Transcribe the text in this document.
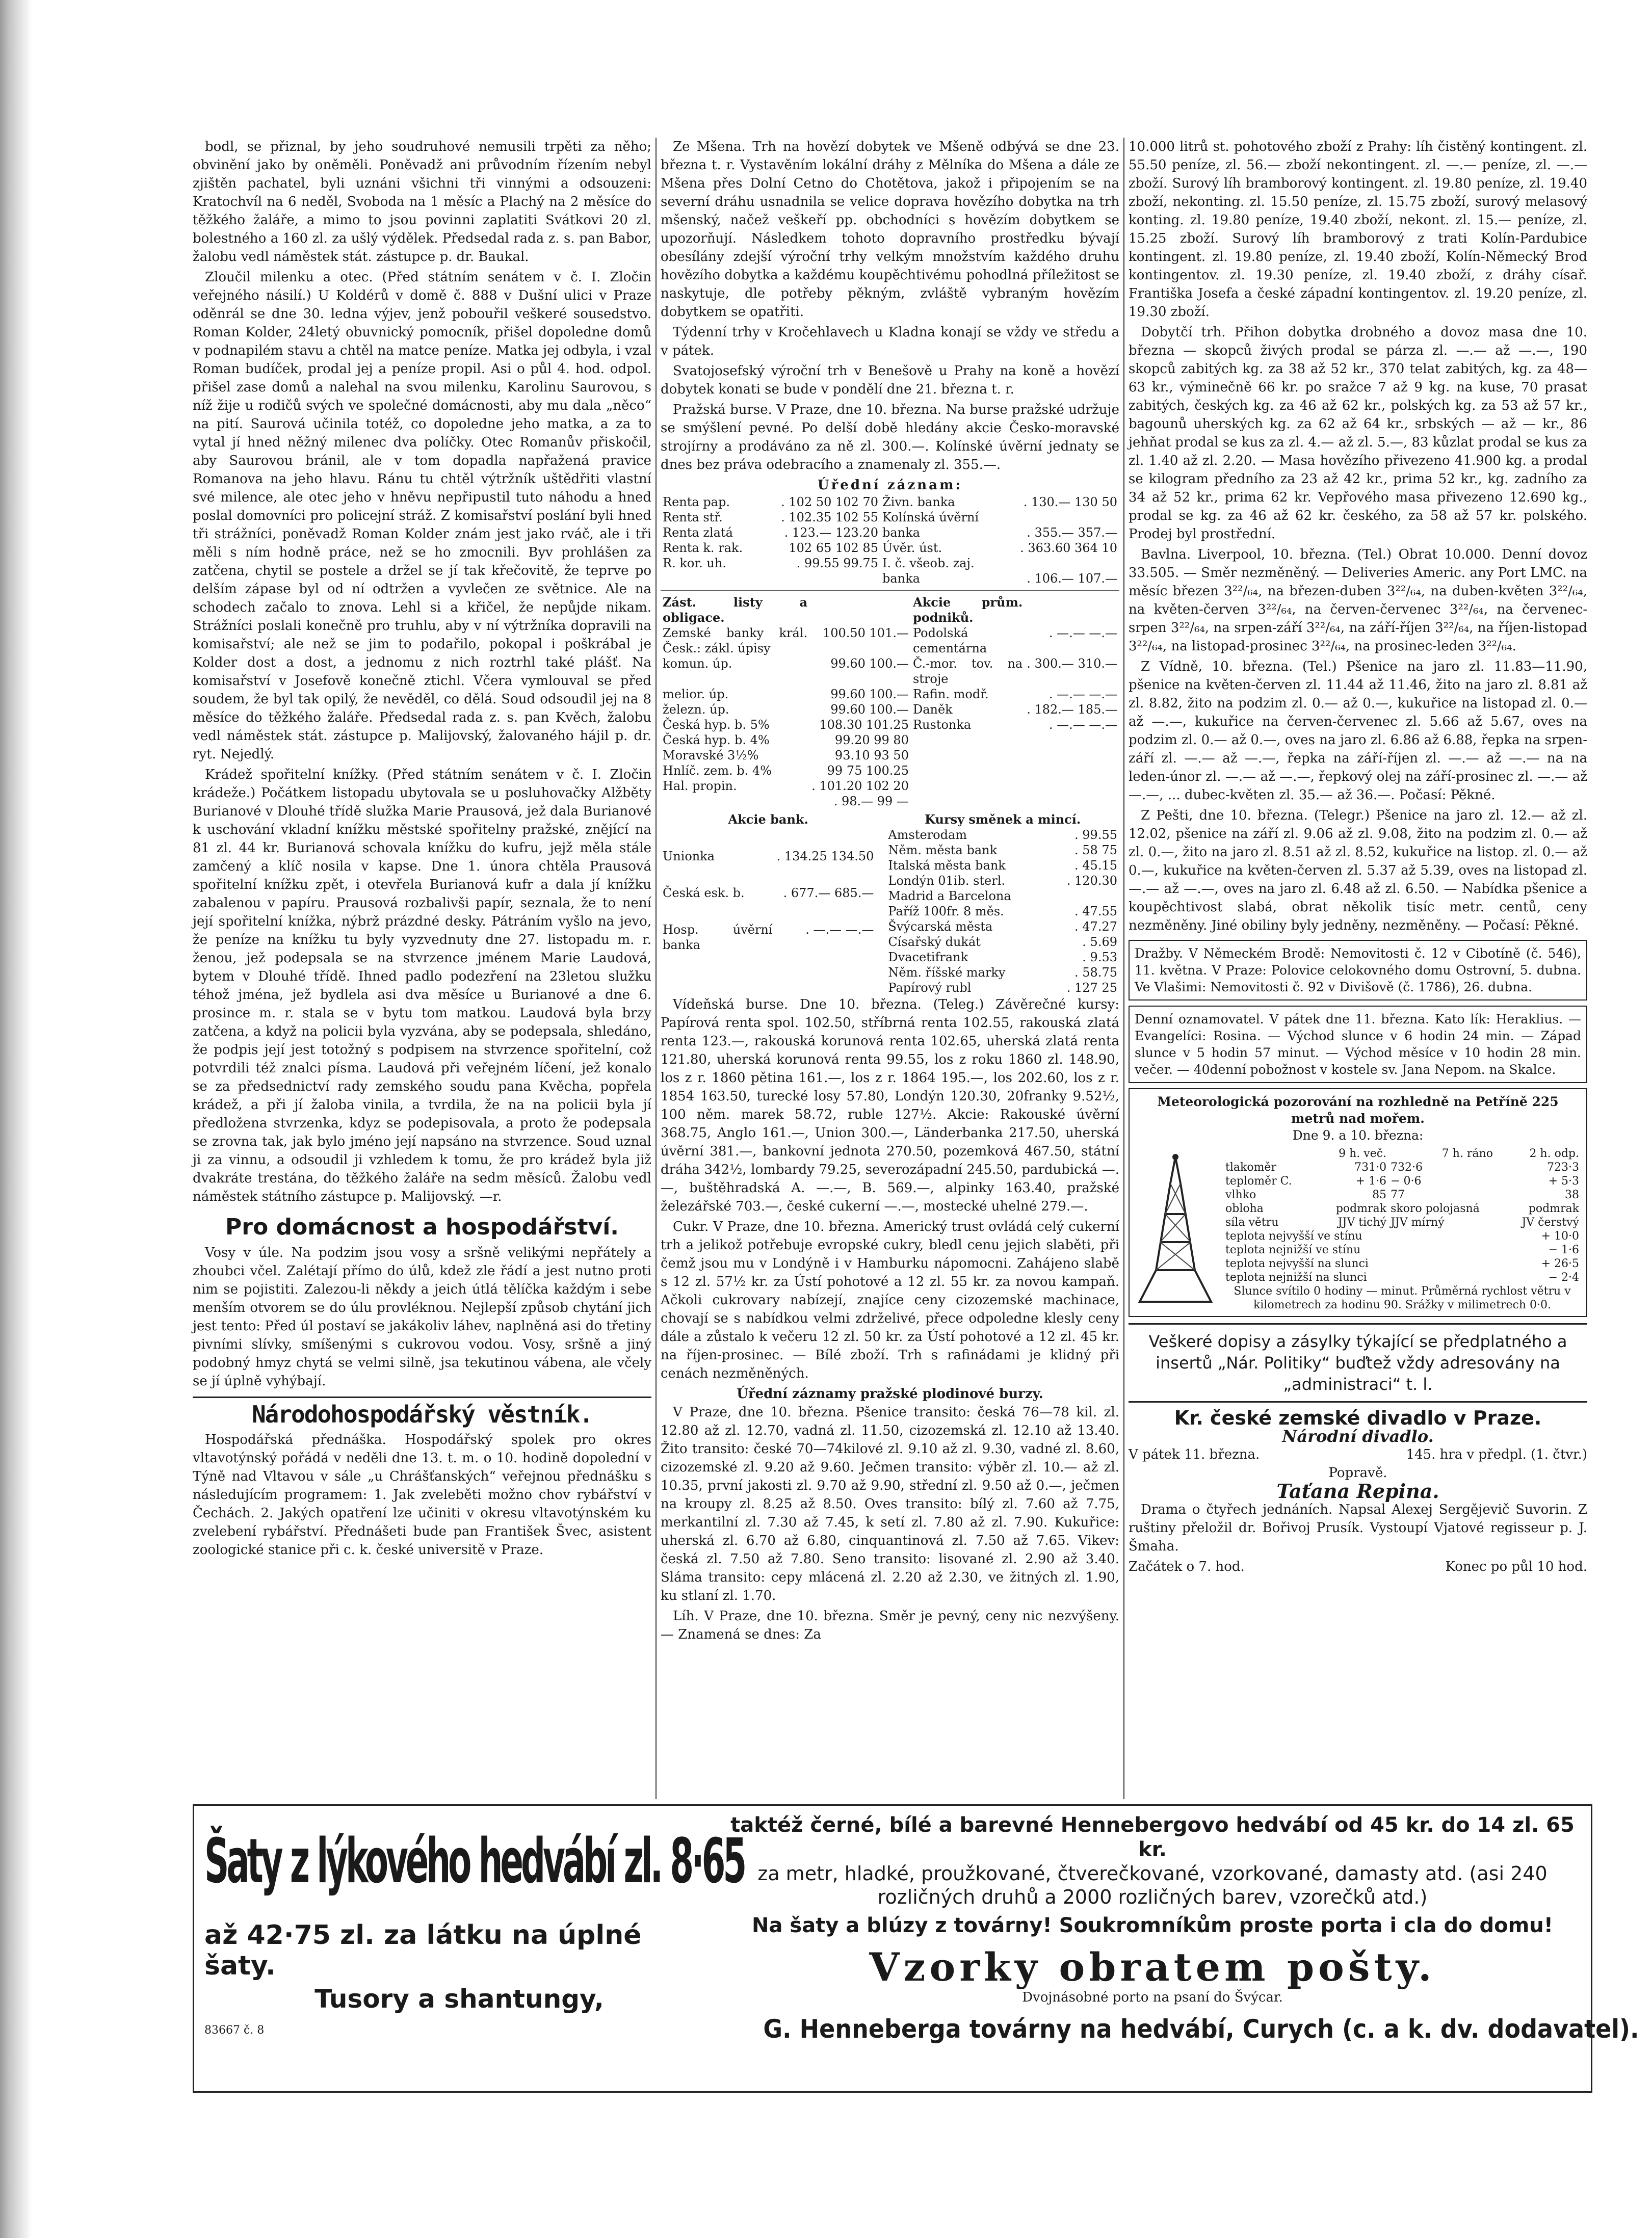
bodl, se přiznal, by jeho soudruhové nemusili trpěti za něho; obvinění jako by oněměli. Poněvadž ani průvodním řízením nebyl zjištěn pachatel, byli uznáni všichni tři vinnými a odsouzeni: Kratochvíl na 6 neděl, Svoboda na 1 měsíc a Plachý na 2 měsíce do těžkého žaláře, a mimo to jsou povinni zaplatiti Svátkovi 20 zl. bolestného a 160 zl. za ušlý výdělek. Předsedal rada z. s. pan Babor, žalobu vedl náměstek stát. zástupce p. dr. Baukal.

Zloučil milenku a otec. (Před státním senátem v č. I. Zločin veřejného násilí.) U Koldérů v domě č. 888 v Dušní ulici v Praze oděnrál se dne 30. ledna výjev, jenž pobouřil veškeré sousedstvo. Roman Kolder, 24letý obuvnický pomocník, přišel dopoledne domů v podnapilém stavu a chtěl na matce peníze. Matka jej odbyla, i vzal Roman budíček, prodal jej a peníze propil. Asi o půl 4. hod. odpol. přišel zase domů a nalehal na svou milenku, Karolinu Saurovou, s níž žije u rodičů svých ve společné domácnosti, aby mu dala „něco“ na pití. Saurová učinila totéž, co dopoledne jeho matka, a za to vytal jí hned něžný milenec dva políčky. Otec Romanův přiskočil, aby Saurovou bránil, ale v tom dopadla napřažená pravice Romanova na jeho hlavu. Ránu tu chtěl výtržník uštědřiti vlastní své milence, ale otec jeho v hněvu nepřipustil tuto náhodu a hned poslal domovníci pro policejní stráž. Z komisařství poslání byli hned tři strážníci, poněvadž Roman Kolder znám jest jako rváč, ale i tři měli s ním hodně práce, než se ho zmocnili. Byv prohlášen za zatčena, chytil se postele a držel se jí tak křečovitě, že teprve po delším zápase byl od ní odtržen a vyvlečen ze světnice. Ale na schodech začalo to znova. Lehl si a křičel, že nepůjde nikam. Strážníci poslali konečně pro truhlu, aby v ní výtržníka dopravili na komisařství; ale než se jim to podařilo, pokopal i poškrábal je Kolder dost a dost, a jednomu z nich roztrhl také plášť. Na komisařství v Josefově konečně ztichl. Včera vymlouval se před soudem, že byl tak opilý, že nevěděl, co dělá. Soud odsoudil jej na 8 měsíce do těžkého žaláře. Předsedal rada z. s. pan Kvěch, žalobu vedl náměstek stát. zástupce p. Malijovský, žalovaného hájil p. dr. ryt. Nejedlý.

Krádež spořitelní knížky. (Před státním senátem v č. I. Zločin krádeže.) Počátkem listopadu ubytovala se u posluhovačky Alžběty Burianové v Dlouhé třídě služka Marie Prausová, jež dala Burianové k uschování vkladní knížku městské spořitelny pražské, znějící na 81 zl. 44 kr. Burianová schovala knížku do kufru, jejž měla stále zamčený a klíč nosila v kapse. Dne 1. února chtěla Prausová spořitelní knížku zpět, i otevřela Burianová kufr a dala jí knížku zabalenou v papíru. Prausová rozbalivši papír, seznala, že to není její spořitelní knížka, nýbrž prázdné desky. Pátráním vyšlo na jevo, že peníze na knížku tu byly vyzvednuty dne 27. listopadu m. r. ženou, jež podepsala se na stvrzence jménem Marie Laudová, bytem v Dlouhé třídě. Ihned padlo podezření na 23letou služku téhož jména, jež bydlela asi dva měsíce u Burianové a dne 6. prosince m. r. stala se v bytu tom matkou. Laudová byla brzy zatčena, a když na policii byla vyzvána, aby se podepsala, shledáno, že podpis její jest totožný s podpisem na stvrzence spořitelní, což potvrdili též znalci písma. Laudová při veřejném líčení, jež konalo se za předsednictví rady zemského soudu pana Kvěcha, popřela krádež, a při jí žaloba vinila, a tvrdila, že na na policii byla jí předložena stvrzenka, kdyz se podepisovala, a proto že podepsala se zrovna tak, jak bylo jméno její napsáno na stvrzence. Soud uznal ji za vinnu, a odsoudil ji vzhledem k tomu, že pro krádež byla již dvakráte trestána, do těžkého žaláře na sedm měsíců. Žalobu vedl náměstek státního zástupce p. Malijovský. —r.

Pro domácnost a hospodářství.

Vosy v úle. Na podzim jsou vosy a sršně velikými nepřátely a zhoubci včel. Zalétají přímo do úlů, kdež zle řádí a jest nutno proti nim se pojistiti. Zalezou-li někdy a jeich útlá tělíčka každým i sebe menším otvorem se do úlu provléknou. Nejlepší způsob chytání jich jest tento: Před úl postaví se jakákoliv láhev, naplněná asi do třetiny pivními slívky, smíšenými s cukrovou vodou. Vosy, sršně a jiný podobný hmyz chytá se velmi silně, jsa tekutinou vábena, ale včely se jí úplně vyhýbají.

Národohospodářský věstník.

Hospodářská přednáška. Hospodářský spolek pro okres vltavotýnský pořádá v neděli dne 13. t. m. o 10. hodině dopolední v Týně nad Vltavou v sále „u Chrášťanských“ veřejnou přednášku s následujícím programem: 1. Jak zveleběti možno chov rybářství v Čechách. 2. Jakých opatření lze učiniti v okresu vltavotýnském ku zvelebení rybářství. Přednášeti bude pan František Švec, asistent zoologické stanice při c. k. české universitě v Praze.

Ze Mšena. Trh na hovězí dobytek ve Mšeně odbývá se dne 23. března t. r. Vystavěním lokální dráhy z Mělníka do Mšena a dále ze Mšena přes Dolní Cetno do Chotětova, jakož i připojením se na severní dráhu usnadnila se velice doprava hovězího dobytka na trh mšenský, načež veškeří pp. obchodníci s hovězím dobytkem se upozorňují. Následkem tohoto dopravního prostředku bývají obesílány zdejší výroční trhy velkým množstvím každého druhu hovězího dobytka a každému koupěchtivému pohodlná příležitost se naskytuje, dle potřeby pěkným, zvláště vybraným hovězím dobytkem se opatřiti.

Týdenní trhy v Kročehlavech u Kladna konají se vždy ve středu a v pátek.

Svatojosefský výroční trh v Benešově u Prahy na koně a hovězí dobytek konati se bude v pondělí dne 21. března t. r.

Pražská burse. V Praze, dne 10. března. Na burse pražské udržuje se smýšlení pevné. Po delší době hledány akcie Česko-moravské strojírny a prodáváno za ně zl. 300.—. Kolínské úvěrní jednaty se dnes bez práva odebracího a znamenaly zl. 355.—.

Úřední záznam:
Renta pap.	. 102 50 102 70	Živn. banka	. 130.— 130 50
Renta stř.	. 102.35 102 55	Kolínská úvěrní	
Renta zlatá	. 123.— 123.20	banka	. 355.— 357.—
Renta k. rak.	102 65 102 85	Úvěr. úst.	. 363.60 364 10
R. kor. uh.	. 99.55 99.75	I. č. všeob. zaj.	
		banka	. 106.— 107.—
Zást. listy a obligace.		Akcie prům. podniků.	
Zemské banky král. Česk.: zákl. úpisy	100.50 101.—	Podolská cementárna	. —.— —.—
komun. úp.	99.60 100.—	Č.-mor. tov. na stroje	. 300.— 310.—
melior. úp.	99.60 100.—	Rafin. modř.	. —.— —.—
železn. úp.	99.60 100.—	Daněk	. 182.— 185.—
Česká hyp. b. 5%	108.30 101.25	Rustonka	. —.— —.—
Česká hyp. b. 4%	99.20 99 80		
Moravské 3½%	93.10 93 50		
Hnlíč. zem. b. 4%	99 75 100.25		
Hal. propin.	. 101.20 102 20		
	. 98.— 99 —		
Akcie bank.	
Unionka	. 134.25 134.50
Česká esk. b.	. 677.— 685.—
Hosp. úvěrní banka	. —.— —.—
Kursy směnek a mincí.	
Amsterodam	. 99.55
Něm. města bank	. 58 75
Italská města bank	. 45.15
Londýn 01ib. sterl.	. 120.30
Madrid a Barcelona	
Paříž 100fr. 8 měs.	. 47.55
Švýcarská města	. 47.27
Císařský dukát	. 5.69
Dvacetifrank	. 9.53
Něm. říšské marky	. 58.75
Papírový rubl	. 127 25

Vídeňská burse. Dne 10. března. (Teleg.) Závěrečné kursy: Papírová renta spol. 102.50, stříbrná renta 102.55, rakouská zlatá renta 123.—, rakouská korunová renta 102.65, uherská zlatá renta 121.80, uherská korunová renta 99.55, los z roku 1860 zl. 148.90, los z r. 1860 pětina 161.—, los z r. 1864 195.—, los 202.60, los z r. 1854 163.50, turecké losy 57.80, Londýn 120.30, 20franky 9.52½, 100 něm. marek 58.72, ruble 127½. Akcie: Rakouské úvěrní 368.75, Anglo 161.—, Union 300.—, Länderbanka 217.50, uherská úvěrní 381.—, bankovní jednota 270.50, pozemková 467.50, státní dráha 342½, lombardy 79.25, severozápadní 245.50, pardubická —.—, buštěhradská A. —.—, B. 569.—, alpinky 163.40, pražské železářské 703.—, české cukerní —.—, mostecké uhelné 279.—.

Cukr. V Praze, dne 10. března. Americký trust ovládá celý cukerní trh a jelikož potřebuje evropské cukry, bledl cenu jejich slaběti, při čemž jsou mu v Londýně i v Hamburku nápomocni. Zahájeno slabě s 12 zl. 57½ kr. za Ústí pohotové a 12 zl. 55 kr. za novou kampaň. Ačkoli cukrovary nabízejí, znajíce ceny cizozemské machinace, chovají se s nabídkou velmi zdrželivé, přece odpoledne klesly ceny dále a zůstalo k večeru 12 zl. 50 kr. za Ústí pohotové a 12 zl. 45 kr. na říjen-prosinec. — Bílé zboží. Trh s rafinádami je klidný při cenách nezměněných.

Úřední záznamy pražské plodinové burzy.

V Praze, dne 10. března. Pšenice transito: česká 76—78 kil. zl. 12.80 až zl. 12.70, vadná zl. 11.50, cizozemská zl. 12.10 až 13.40. Žito transito: české 70—74kilové zl. 9.10 až zl. 9.30, vadné zl. 8.60, cizozemské zl. 9.20 až 9.60. Ječmen transito: výběr zl. 10.— až zl. 10.35, první jakosti zl. 9.70 až 9.90, střední zl. 9.50 až 0.—, ječmen na kroupy zl. 8.25 až 8.50. Oves transito: bílý zl. 7.60 až 7.75, merkantilní zl. 7.30 až 7.45, k setí zl. 7.80 až zl. 7.90. Kukuřice: uherská zl. 6.70 až 6.80, cinquantinová zl. 7.50 až 7.65. Vikev: česká zl. 7.50 až 7.80. Seno transito: lisované zl. 2.90 až 3.40. Sláma transito: cepy mlácená zl. 2.20 až 2.30, ve žitných zl. 1.90, ku stlaní zl. 1.70.

Líh. V Praze, dne 10. března. Směr je pevný, ceny nic nezvýšeny. — Znamená se dnes: Za

10.000 litrů st. pohotového zboží z Prahy: líh čistěný kontingent. zl. 55.50 peníze, zl. 56.— zboží nekontingent. zl. —.— peníze, zl. —.— zboží. Surový líh bramborový kontingent. zl. 19.80 peníze, zl. 19.40 zboží, nekonting. zl. 15.50 peníze, zl. 15.75 zboží, surový melasový konting. zl. 19.80 peníze, 19.40 zboží, nekont. zl. 15.— peníze, zl. 15.25 zboží. Surový líh bramborový z trati Kolín-Pardubice kontingent. zl. 19.80 peníze, zl. 19.40 zboží, Kolín-Německý Brod kontingentov. zl. 19.30 peníze, zl. 19.40 zboží, z dráhy císař. Františka Josefa a české západní kontingentov. zl. 19.20 peníze, zl. 19.30 zboží.

Dobytčí trh. Přihon dobytka drobného a dovoz masa dne 10. března — skopců živých prodal se párza zl. —.— až —.—, 190 skopců zabitých kg. za 38 až 52 kr., 370 telat zabitých, kg. za 48—63 kr., výminečně 66 kr. po sražce 7 až 9 kg. na kuse, 70 prasat zabitých, českých kg. za 46 až 62 kr., polských kg. za 53 až 57 kr., bagounů uherských kg. za 62 až 64 kr., srbských — až — kr., 86 jehňat prodal se kus za zl. 4.— až zl. 5.—, 83 kůzlat prodal se kus za zl. 1.40 až zl. 2.20. — Masa hovězího přivezeno 41.900 kg. a prodal se kilogram předního za 23 až 42 kr., prima 52 kr., kg. zadního za 34 až 52 kr., prima 62 kr. Vepřového masa přivezeno 12.690 kg., prodal se kg. za 46 až 62 kr. českého, za 58 až 57 kr. polského. Prodej byl prostřední.

Bavlna. Liverpool, 10. března. (Tel.) Obrat 10.000. Denní dovoz 33.505. — Směr nezměněný. — Deliveries Americ. any Port LMC. na měsíc březen 3²²/₆₄, na březen-duben 3²²/₆₄, na duben-květen 3²²/₆₄, na květen-červen 3²²/₆₄, na červen-červenec 3²²/₆₄, na červenec-srpen 3²²/₆₄, na srpen-září 3²²/₆₄, na září-říjen 3²²/₆₄, na říjen-listopad 3²²/₆₄, na listopad-prosinec 3²²/₆₄, na prosinec-leden 3²²/₆₄.

Z Vídně, 10. března. (Tel.) Pšenice na jaro zl. 11.83—11.90, pšenice na květen-červen zl. 11.44 až 11.46, žito na jaro zl. 8.81 až zl. 8.82, žito na podzim zl. 0.— až 0.—, kukuřice na listopad zl. 0.— až —.—, kukuřice na červen-červenec zl. 5.66 až 5.67, oves na podzim zl. 0.— až 0.—, oves na jaro zl. 6.86 až 6.88, řepka na srpen-září zl. —.— až —.—, řepka na září-říjen zl. —.— až —.— na na leden-únor zl. —.— až —.—, řepkový olej na září-prosinec zl. —.— až —.—, ... dubec-květen zl. 35.— až 36.—. Počasí: Pěkné.

Z Pešti, dne 10. března. (Telegr.) Pšenice na jaro zl. 12.— až zl. 12.02, pšenice na září zl. 9.06 až zl. 9.08, žito na podzim zl. 0.— až zl. 0.—, žito na jaro zl. 8.51 až zl. 8.52, kukuřice na listop. zl. 0.— až 0.—, kukuřice na květen-červen zl. 5.37 až 5.39, oves na listopad zl. —.— až —.—, oves na jaro zl. 6.48 až zl. 6.50. — Nabídka pšenice a koupěchtivost slabá, obrat několik tisíc metr. centů, ceny nezměněny. Jiné obiliny byly jedněny, nezměněny. — Počasí: Pěkné.

Dražby. V Německém Brodě: Nemovitosti č. 12 v Cibotíně (č. 546), 11. května. V Praze: Polovice celokovného domu Ostrovní, 5. dubna. Ve Vlašimi: Nemovitosti č. 92 v Divišově (č. 1786), 26. dubna.
Denní oznamovatel. V pátek dne 11. března. Kato lík: Heraklius. — Evangelíci: Rosina. — Východ slunce v 6 hodin 24 min. — Západ slunce v 5 hodin 57 minut. — Východ měsíce v 10 hodin 28 min. večer. — 40denní pobožnost v kostele sv. Jana Nepom. na Skalce.
Meteorologická pozorování na rozhledně na Petříně 225 metrů nad mořem.
Dne 9. a 10. března:
	9 h. več.	7 h. ráno	2 h. odp.
tlakoměr	731·0	732·6	723·3
teploměr C.	+ 1·6	− 0·6	+ 5·3
vlhko	85	77	38
obloha	podmrak	skoro polojasná	podmrak
síla větru	JJV tichý	JJV mírný	JV čerstvý
teplota nejvyšší ve stínu			+ 10·0
teplota nejnižší ve stínu			− 1·6
teplota nejvyšší na slunci			+ 26·5
teplota nejnižší na slunci			− 2·4
Slunce svítilo 0 hodiny — minut. Průměrná rychlost větru v kilometrech za hodinu 90. Srážky v milimetrech 0·0.			
Veškeré dopisy a zásylky týkající se předplatného a insertů „Nár. Politiky“ buďtež vždy adresovány na „administraci“ t. l.
Kr. české zemské divadlo v Praze.
Národní divadlo.
V pátek 11. března.	145. hra v předpl. (1. čtvr.)
Popravě.
Taťana Repina.

Drama o čtyřech jednáních. Napsal Alexej Sergějevič Suvorin. Z ruštiny přeložil dr. Bořivoj Prusík. Vystoupí Vjatové regisseur p. J. Šmaha.

Začátek o 7. hod.	Konec po půl 10 hod.
Šaty z lýkového hedvábí zl. 8·65
až 42·75 zl. za látku na úplné šaty.
Tusory a shantungy,
83667 č. 8
taktéž černé, bílé a barevné Hennebergovo hedvábí od 45 kr. do 14 zl. 65 kr.
za metr, hladké, proužkované, čtverečkované, vzorkované, damasty atd. (asi 240 rozličných druhů a 2000 rozličných barev, vzorečků atd.)
Na šaty a blúzy z továrny! Soukromníkům proste porta i cla do domu!
Vzorky obratem pošty.
Dvojnásobné porto na psaní do Švýcar.
G. Henneberga továrny na hedvábí, Curych (c. a k. dv. dodavatel).
